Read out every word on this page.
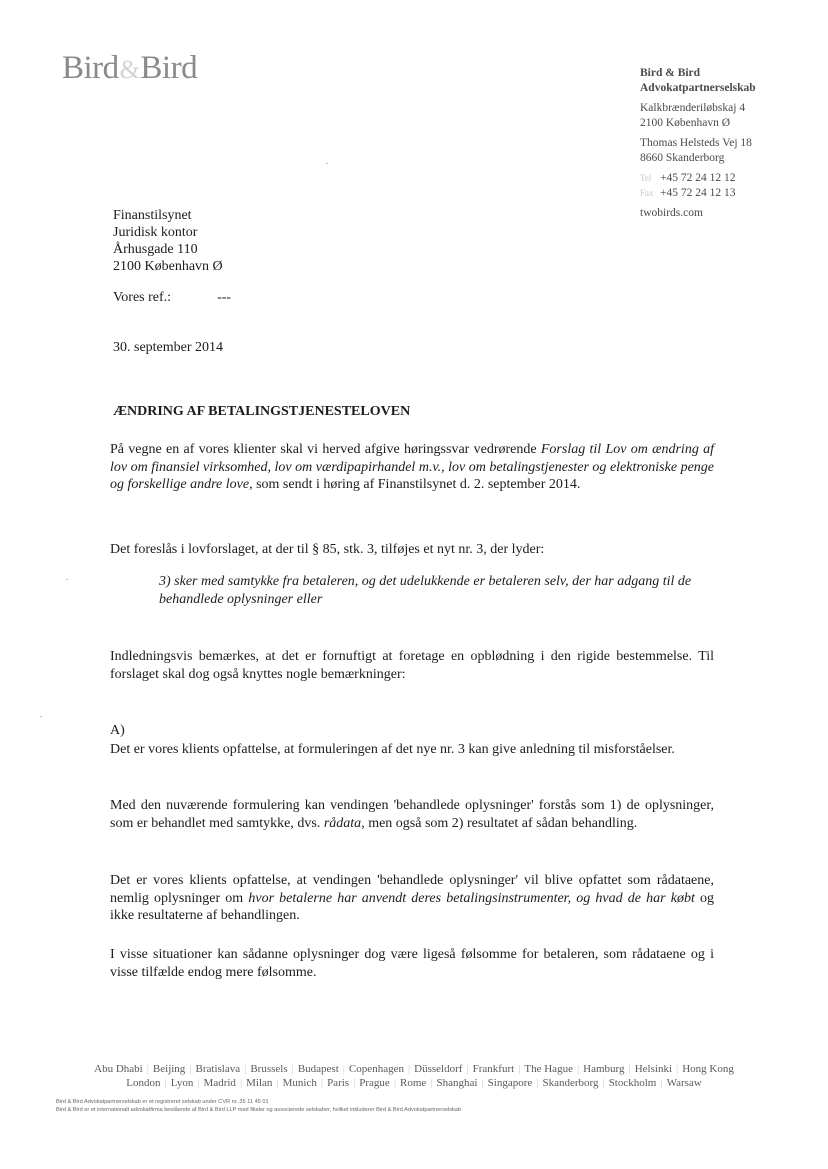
Bird&Bird	Bird & Bird
Advokatpartnerselskab
Kalkbrænderiløbskaj 4
2100 København Ø
Thomas Helsteds Vej 18
8660 Skanderborg
Tel +45 72 24 12 12
Fax +45 72 24 12 13
twobirds.com
Finanstilsynet
Juridisk kontor
Århusgade 110
2100 København Ø
Vores ref.:	---
30. september 2014
ÆNDRING AF BETALINGSTJENESTELOVEN
På vegne en af vores klienter skal vi herved afgive høringssvar vedrørende Forslag til Lov om ændring af lov om finansiel virksomhed, lov om værdipapirhandel m.v., lov om betalingstjenester og elektroniske penge og forskellige andre love, som sendt i høring af Finanstilsynet d. 2. september 2014.
Det foreslås i lovforslaget, at der til § 85, stk. 3, tilføjes et nyt nr. 3, der lyder:
3) sker med samtykke fra betaleren, og det udelukkende er betaleren selv, der har adgang til de behandlede oplysninger eller
Indledningsvis bemærkes, at det er fornuftigt at foretage en opblødning i den rigide bestemmelse. Til forslaget skal dog også knyttes nogle bemærkninger:
A)
Det er vores klients opfattelse, at formuleringen af det nye nr. 3 kan give anledning til misforståelser.
Med den nuværende formulering kan vendingen 'behandlede oplysninger' forstås som 1) de oplysninger, som er behandlet med samtykke, dvs. rådata, men også som 2) resultatet af sådan behandling.
Det er vores klients opfattelse, at vendingen 'behandlede oplysninger' vil blive opfattet som rådataene, nemlig oplysninger om hvor betalerne har anvendt deres betalingsinstrumenter, og hvad de har købt og ikke resultaterne af behandlingen.
I visse situationer kan sådanne oplysninger dog være ligeså følsomme for betaleren, som rådataene og i visse tilfælde endog mere følsomme.
Abu Dhabi | Beijing | Bratislava | Brussels | Budapest | Copenhagen | Düsseldorf | Frankfurt | The Hague | Hamburg | Helsinki | Hong Kong
London | Lyon | Madrid | Milan | Munich | Paris | Prague | Rome | Shanghai | Singapore | Skanderborg | Stockholm | Warsaw
Bird & Bird Advokatpartnerselskab er et registreret selskab under CVR nr. 35 11 45 01
Bird & Bird er et internationalt advokatfirma bestående af Bird & Bird LLP med filialer og associerede selskaber, hvilket inkluderer Bird & Bird Advokatpartnerselskab
